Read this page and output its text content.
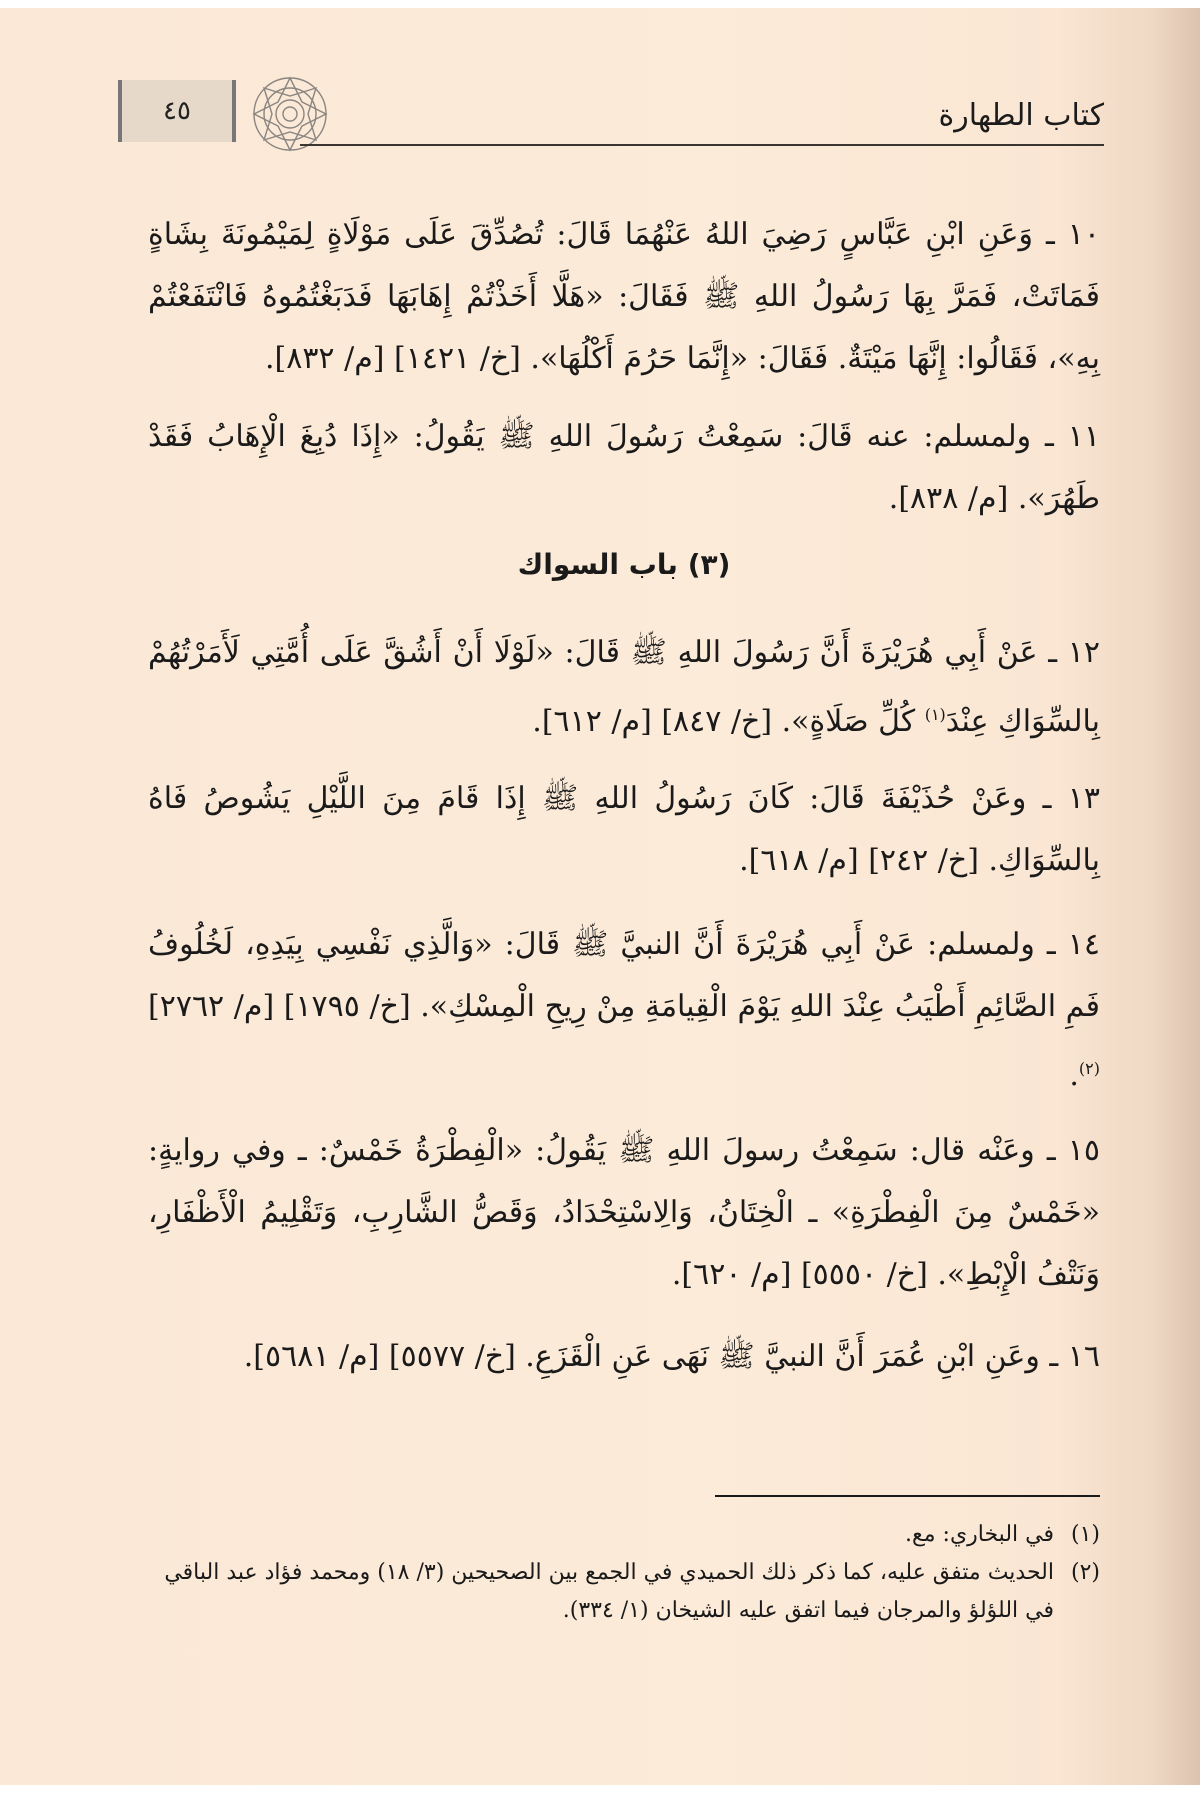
٤٥	كتاب الطهارة
١٠ ـ وَعَنِ ابْنِ عَبَّاسٍ رَضِيَ اللهُ عَنْهُمَا قَالَ: تُصُدِّقَ عَلَى مَوْلَاةٍ لِمَيْمُونَةَ بِشَاةٍ فَمَاتَتْ، فَمَرَّ بِهَا رَسُولُ اللهِ ﷺ فَقَالَ: «هَلَّا أَخَذْتُمْ إِهَابَهَا فَدَبَغْتُمُوهُ فَانْتَفَعْتُمْ بِهِ»، فَقَالُوا: إِنَّهَا مَيْتَةٌ. فَقَالَ: «إِنَّمَا حَرُمَ أَكْلُهَا». [خ/ ١٤٢١] [م/ ٨٣٢].
١١ ـ ولمسلم: عنه قَالَ: سَمِعْتُ رَسُولَ اللهِ ﷺ يَقُولُ: «إِذَا دُبِغَ الْإِهَابُ فَقَدْ طَهُرَ». [م/ ٨٣٨].
(٣) باب السواك
١٢ ـ عَنْ أَبِي هُرَيْرَةَ أَنَّ رَسُولَ اللهِ ﷺ قَالَ: «لَوْلَا أَنْ أَشُقَّ عَلَى أُمَّتِي لَأَمَرْتُهُمْ بِالسِّوَاكِ عِنْدَ$^{(١)}$ كُلِّ صَلَاةٍ». [خ/ ٨٤٧] [م/ ٦١٢].
١٣ ـ وعَنْ حُذَيْفَةَ قَالَ: كَانَ رَسُولُ اللهِ ﷺ إِذَا قَامَ مِنَ اللَّيْلِ يَشُوصُ فَاهُ بِالسِّوَاكِ. [خ/ ٢٤٢] [م/ ٦١٨].
١٤ ـ ولمسلم: عَنْ أَبِي هُرَيْرَةَ أَنَّ النبيَّ ﷺ قَالَ: «وَالَّذِي نَفْسِي بِيَدِهِ، لَخُلُوفُ فَمِ الصَّائِمِ أَطْيَبُ عِنْدَ اللهِ يَوْمَ الْقِيامَةِ مِنْ رِيحِ الْمِسْكِ». [خ/ ١٧٩٥] [م/ ٢٧٦٢]$^{(٢)}$.
١٥ ـ وعَنْه قال: سَمِعْتُ رسولَ اللهِ ﷺ يَقُولُ: «الْفِطْرَةُ خَمْسٌ: ـ وفي روايةٍ: «خَمْسٌ مِنَ الْفِطْرَةِ» ـ الْخِتَانُ، وَالِاسْتِحْدَادُ، وَقَصُّ الشَّارِبِ، وَتَقْلِيمُ الْأَظْفَارِ، وَنَتْفُ الْإِبْطِ». [خ/ ٥٥٥٠] [م/ ٦٢٠].
١٦ ـ وعَنِ ابْنِ عُمَرَ أَنَّ النبيَّ ﷺ نَهَى عَنِ الْقَزَعِ. [خ/ ٥٥٧٧] [م/ ٥٦٨١].
(١)
في البخاري: مع.
(٢)
الحديث متفق عليه، كما ذكر ذلك الحميدي في الجمع بين الصحيحين (٣/ ١٨) ومحمد فؤاد عبد الباقي في اللؤلؤ والمرجان فيما اتفق عليه الشيخان (١/ ٣٣٤).
